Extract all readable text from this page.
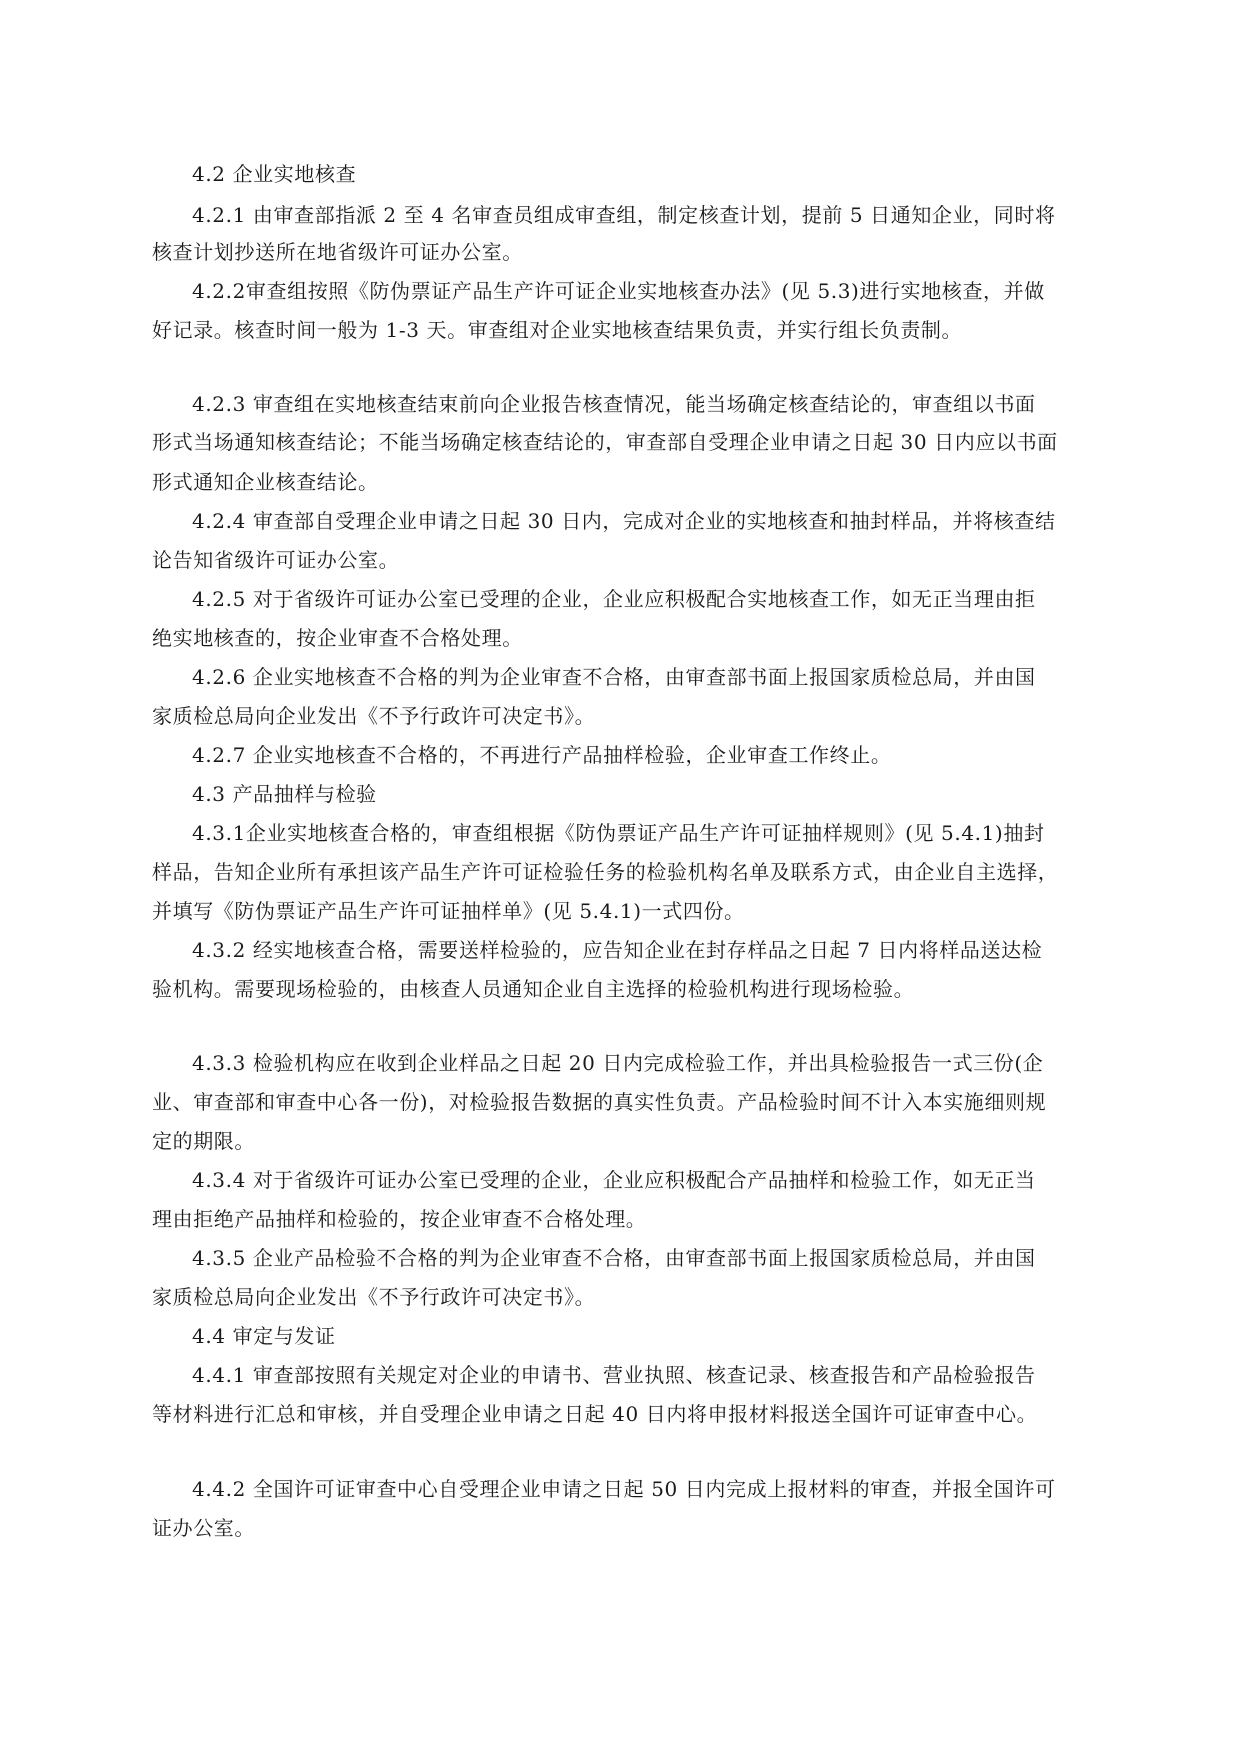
4.2 企业实地核查
4.2.1 由审查部指派 2 至 4 名审查员组成审查组，制定核查计划，提前 5 日通知企业，同时将
核查计划抄送所在地省级许可证办公室。
4.2.2审查组按照《防伪票证产品生产许可证企业实地核查办法》(见 5.3)进行实地核查，并做
好记录。核查时间一般为 1-3 天。审查组对企业实地核查结果负责，并实行组长负责制。
4.2.3 审查组在实地核查结束前向企业报告核查情况，能当场确定核查结论的，审查组以书面
形式当场通知核查结论；不能当场确定核查结论的，审查部自受理企业申请之日起 30 日内应以书面
形式通知企业核查结论。
4.2.4 审查部自受理企业申请之日起 30 日内，完成对企业的实地核查和抽封样品，并将核查结
论告知省级许可证办公室。
4.2.5 对于省级许可证办公室已受理的企业，企业应积极配合实地核查工作，如无正当理由拒
绝实地核查的，按企业审查不合格处理。
4.2.6 企业实地核查不合格的判为企业审查不合格，由审查部书面上报国家质检总局，并由国
家质检总局向企业发出《不予行政许可决定书》。
4.2.7 企业实地核查不合格的，不再进行产品抽样检验，企业审查工作终止。
4.3 产品抽样与检验
4.3.1企业实地核查合格的，审查组根据《防伪票证产品生产许可证抽样规则》(见 5.4.1)抽封
样品，告知企业所有承担该产品生产许可证检验任务的检验机构名单及联系方式，由企业自主选择，
并填写《防伪票证产品生产许可证抽样单》(见 5.4.1)一式四份。
4.3.2 经实地核查合格，需要送样检验的，应告知企业在封存样品之日起 7 日内将样品送达检
验机构。需要现场检验的，由核查人员通知企业自主选择的检验机构进行现场检验。
4.3.3 检验机构应在收到企业样品之日起 20 日内完成检验工作，并出具检验报告一式三份(企
业、审查部和审查中心各一份)，对检验报告数据的真实性负责。产品检验时间不计入本实施细则规
定的期限。
4.3.4 对于省级许可证办公室已受理的企业，企业应积极配合产品抽样和检验工作，如无正当
理由拒绝产品抽样和检验的，按企业审查不合格处理。
4.3.5 企业产品检验不合格的判为企业审查不合格，由审查部书面上报国家质检总局，并由国
家质检总局向企业发出《不予行政许可决定书》。
4.4 审定与发证
4.4.1 审查部按照有关规定对企业的申请书、营业执照、核查记录、核查报告和产品检验报告
等材料进行汇总和审核，并自受理企业申请之日起 40 日内将申报材料报送全国许可证审查中心。
4.4.2 全国许可证审查中心自受理企业申请之日起 50 日内完成上报材料的审查，并报全国许可
证办公室。
